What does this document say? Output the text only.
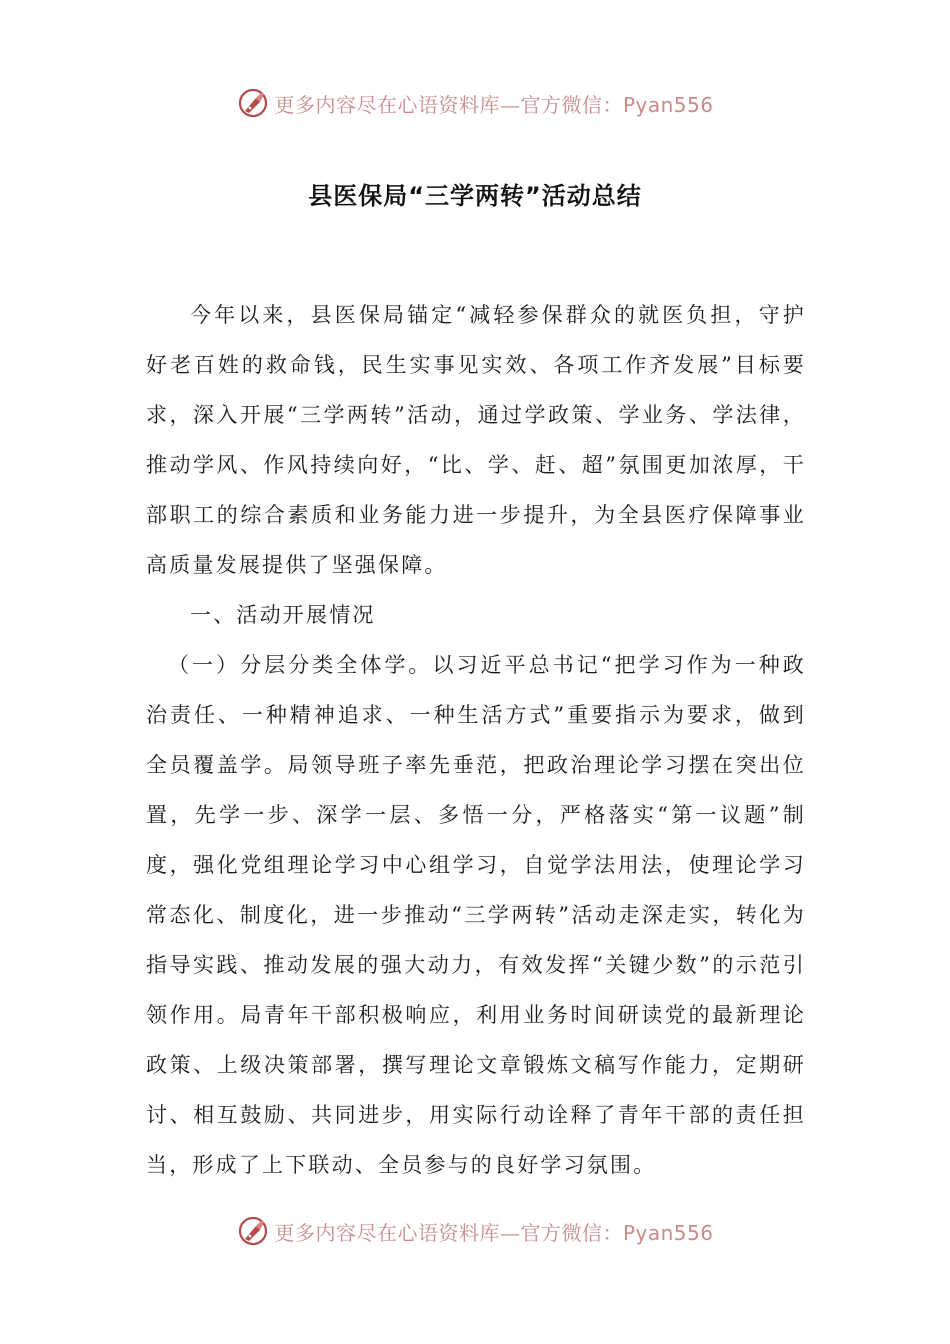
更多内容尽在心语资料库— 官方微信：Pyan556
县医保局“三学两转”活动总结

今年以来，县医保局锚定“减轻参保群众的就医负担，守护好老百姓的救命钱，民生实事见实效、各项工作齐发展”目标要求，深入开展“三学两转”活动，通过学政策、学业务、学法律，推动学风、作风持续向好，“比、学、赶、超”氛围更加浓厚，干部职工的综合素质和业务能力进一步提升，为全县医疗保障事业高质量发展提供了坚强保障。

一、活动开展情况

（一）分层分类全体学。以习近平总书记“把学习作为一种政治责任、一种精神追求、一种生活方式”重要指示为要求，做到全员覆盖学。局领导班子率先垂范，把政治理论学习摆在突出位置，先学一步、深学一层、多悟一分，严格落实“第一议题”制度，强化党组理论学习中心组学习，自觉学法用法，使理论学习常态化、制度化，进一步推动“三学两转”活动走深走实，转化为指导实践、推动发展的强大动力，有效发挥“关键少数”的示范引领作用。局青年干部积极响应，利用业务时间研读党的最新理论政策、上级决策部署，撰写理论文章锻炼文稿写作能力，定期研讨、相互鼓励、共同进步，用实际行动诠释了青年干部的责任担当，形成了上下联动、全员参与的良好学习氛围。

更多内容尽在心语资料库— 官方微信：Pyan556
